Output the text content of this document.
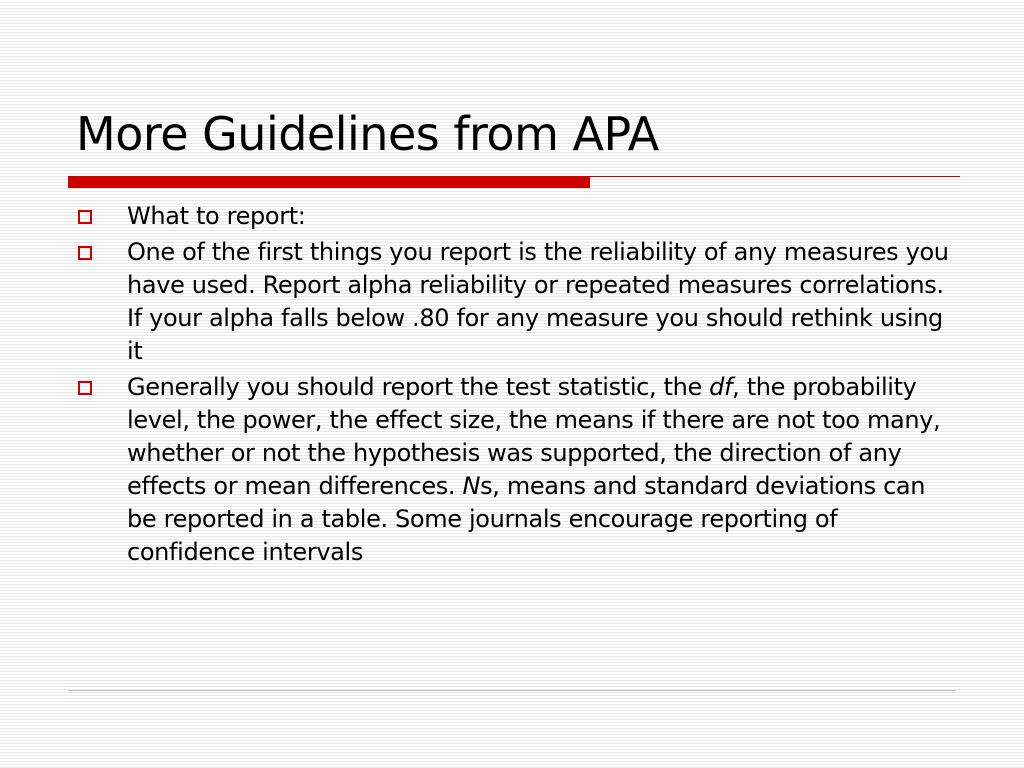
More Guidelines from APA
What to report:
One of the first things you report is the reliability of any measures you have used. Report alpha reliability or repeated measures correlations. If your alpha falls below .80 for any measure you should rethink using it
Generally you should report the test statistic, the df, the probability level, the power, the effect size, the means if there are not too many, whether or not the hypothesis was supported, the direction of any effects or mean differences. Ns, means and standard deviations can be reported in a table. Some journals encourage reporting of confidence intervals
